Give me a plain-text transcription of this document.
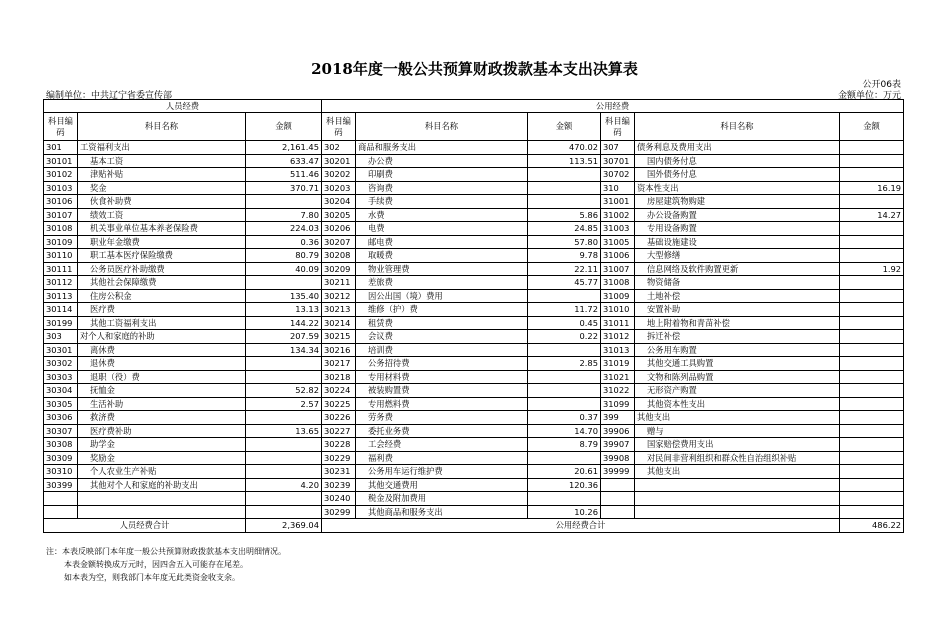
2018年度一般公共预算财政拨款基本支出决算表
公开06表
编制单位：中共辽宁省委宣传部	金额单位：万元
人员经费			公用经费					
科目编码	科目名称	金额	科目编码	科目名称	金额	科目编码	科目名称	金额
301	工资福利支出	2,161.45	302	商品和服务支出	470.02	307	债务利息及费用支出	
30101	基本工资	633.47	30201	办公费	113.51	30701	国内债务付息	
30102	津贴补贴	511.46	30202	印刷费		30702	国外债务付息	
30103	奖金	370.71	30203	咨询费		310	资本性支出	16.19
30106	伙食补助费		30204	手续费		31001	房屋建筑物购建	
30107	绩效工资	7.80	30205	水费	5.86	31002	办公设备购置	14.27
30108	机关事业单位基本养老保险费	224.03	30206	电费	24.85	31003	专用设备购置	
30109	职业年金缴费	0.36	30207	邮电费	57.80	31005	基础设施建设	
30110	职工基本医疗保险缴费	80.79	30208	取暖费	9.78	31006	大型修缮	
30111	公务员医疗补助缴费	40.09	30209	物业管理费	22.11	31007	信息网络及软件购置更新	1.92
30112	其他社会保障缴费		30211	差旅费	45.77	31008	物资储备	
30113	住房公积金	135.40	30212	因公出国（境）费用		31009	土地补偿	
30114	医疗费	13.13	30213	维修（护）费	11.72	31010	安置补助	
30199	其他工资福利支出	144.22	30214	租赁费	0.45	31011	地上附着物和青苗补偿	
303	对个人和家庭的补助	207.59	30215	会议费	0.22	31012	拆迁补偿	
30301	离休费	134.34	30216	培训费		31013	公务用车购置	
30302	退休费		30217	公务招待费	2.85	31019	其他交通工具购置	
30303	退职（役）费		30218	专用材料费		31021	文物和陈列品购置	
30304	抚恤金	52.82	30224	被装购置费		31022	无形资产购置	
30305	生活补助	2.57	30225	专用燃料费		31099	其他资本性支出	
30306	救济费		30226	劳务费	0.37	399	其他支出	
30307	医疗费补助	13.65	30227	委托业务费	14.70	39906	赠与	
30308	助学金		30228	工会经费	8.79	39907	国家赔偿费用支出	
30309	奖励金		30229	福利费		39908	对民间非营利组织和群众性自治组织补贴	
30310	个人农业生产补贴		30231	公务用车运行维护费	20.61	39999	其他支出	
30399	其他对个人和家庭的补助支出	4.20	30239	其他交通费用	120.36			
			30240	税金及附加费用				
			30299	其他商品和服务支出	10.26			
人员经费合计		2,369.04	公用经费合计					486.22
注：本表反映部门本年度一般公共预算财政拨款基本支出明细情况。
本表金额转换成万元时，因四舍五入可能存在尾差。
如本表为空，则我部门本年度无此类资金收支余。
